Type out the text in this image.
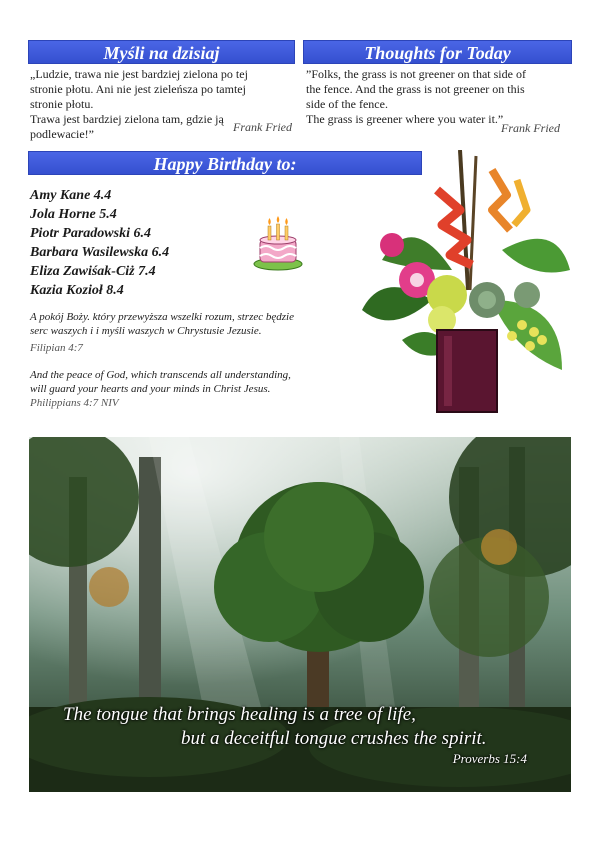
Myśli na dzisiaj	Thoughts for Today
„Ludzie, trawa nie jest bardziej zielona po tej
stronie płotu. Ani nie jest zieleńsza po tamtej
stronie płotu.
Trawa jest bardziej zielona tam, gdzie ją
podlewacie!”	Frank Fried
”Folks, the grass is not greener on that side of
the fence. And the grass is not greener on this
side of the fence.
The grass is greener where you water it.”
Frank Fried
Happy Birthday to:
Amy Kane 4.4
Jola Horne 5.4
Piotr Paradowski 6.4
Barbara Wasilewska 6.4
Eliza Zawiśak-Ciż 7.4
Kazia Kozioł 8.4
A pokój Boży. który przewyższa wszelki rozum, strzec będzie
serc waszych i i myśli waszych w Chrystusie Jezusie.
Filipian 4:7
And the peace of God, which transcends all understanding,
will guard your hearts and your minds in Christ Jesus.
Philippians 4:7 NIV
The tongue that brings healing is a tree of life,
but a deceitful tongue crushes the spirit.
Proverbs 15:4
